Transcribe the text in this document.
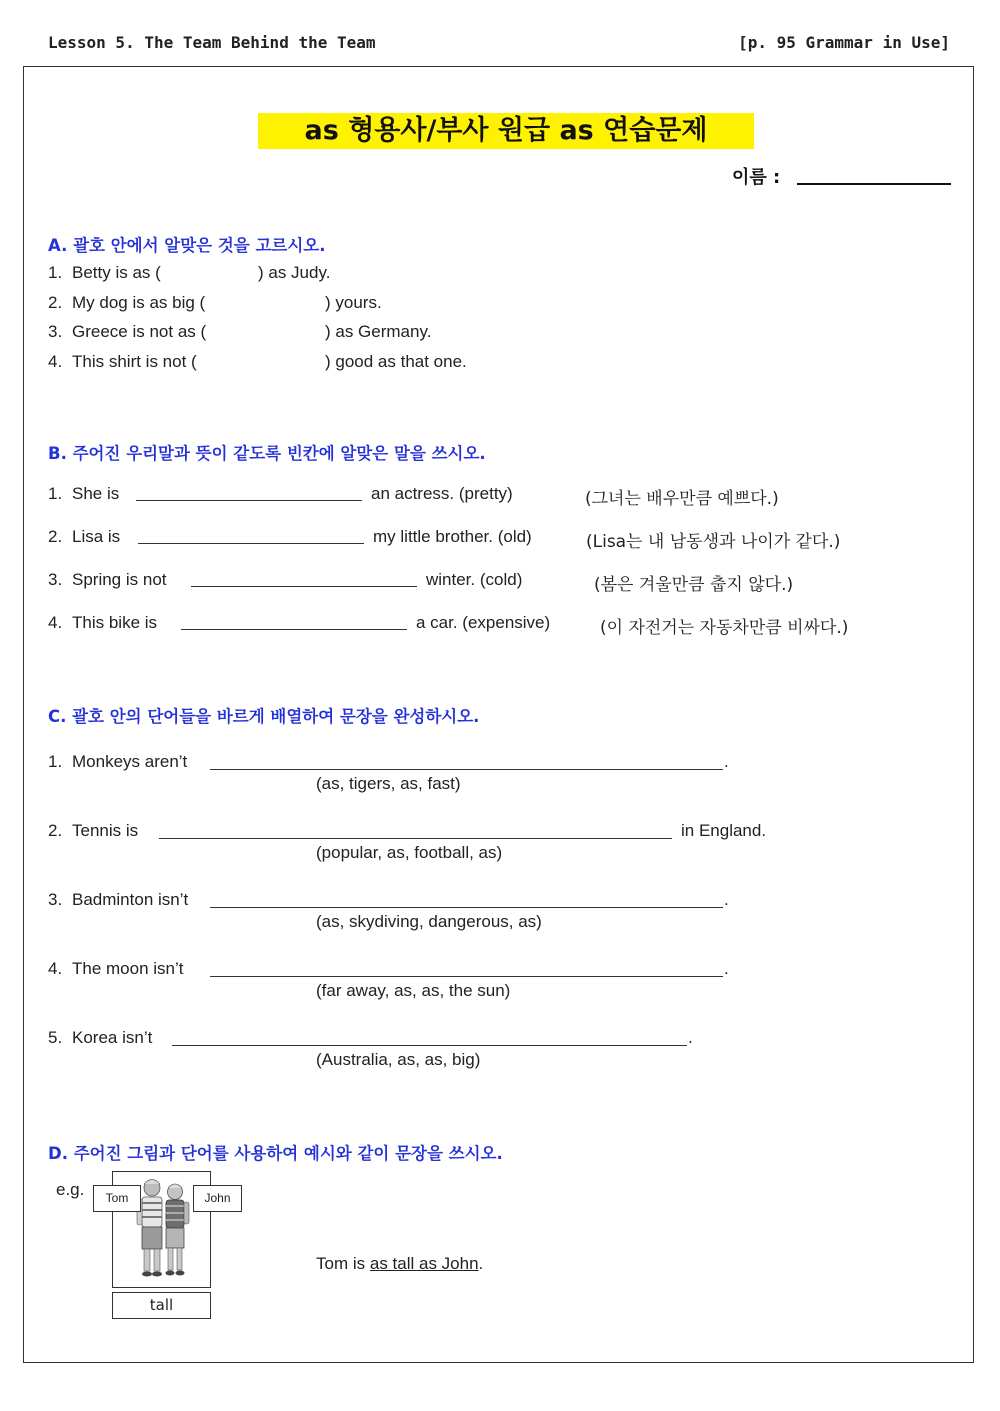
Lesson 5. The Team Behind the Team	[p. 95 Grammar in Use]
as 형용사/부사 원급 as 연습문제
이름 :
A. 괄호 안에서 알맞은 것을 고르시오.
1. Betty is as (	) as Judy.
2. My dog is as big (	) yours.
3. Greece is not as (	) as Germany.
4. This shirt is not (	) good as that one.
B. 주어진 우리말과 뜻이 같도록 빈칸에 알맞은 말을 쓰시오.
1. She is	an actress. (pretty)	(그녀는 배우만큼 예쁘다.)
2. Lisa is	my little brother. (old)	(Lisa는 내 남동생과 나이가 같다.)
3. Spring is not	winter. (cold)	(봄은 겨울만큼 춥지 않다.)
4. This bike is	a car. (expensive)	(이 자전거는 자동차만큼 비싸다.)
C. 괄호 안의 단어들을 바르게 배열하여 문장을 완성하시오.
1. Monkeys aren’t	.
(as, tigers, as, fast)
2. Tennis is	in England.
(popular, as, football, as)
3. Badminton isn’t	.
(as, skydiving, dangerous, as)
4. The moon isn’t	.
(far away, as, as, the sun)
5. Korea isn’t	.
(Australia, as, as, big)
D. 주어진 그림과 단어를 사용하여 예시와 같이 문장을 쓰시오.
e.g.	Tom	John
tall
Tom is as tall as John.
